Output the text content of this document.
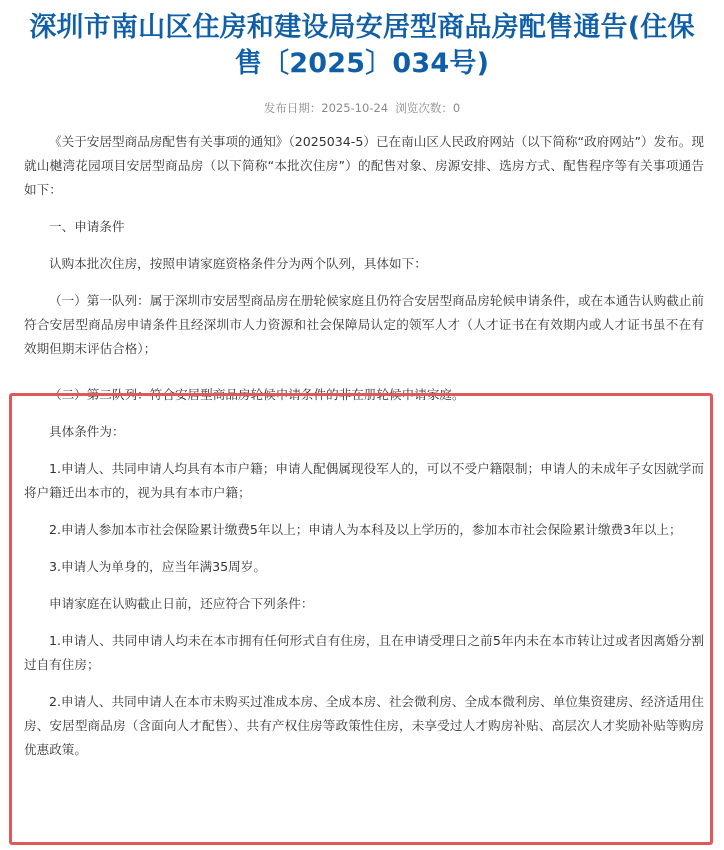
深圳市南山区住房和建设局安居型商品房配售通告(住保售〔2025〕034号)
发布日期：2025-10-24 浏览次数：0

《关于安居型商品房配售有关事项的通知》（2025034-5）已在南山区人民政府网站（以下简称“政府网站”）发布。现就山樾湾花园项目安居型商品房（以下简称“本批次住房”）的配售对象、房源安排、选房方式、配售程序等有关事项通告如下：

一、申请条件

认购本批次住房，按照申请家庭资格条件分为两个队列，具体如下：

（一）第一队列：属于深圳市安居型商品房在册轮候家庭且仍符合安居型商品房轮候申请条件，或在本通告认购截止前符合安居型商品房申请条件且经深圳市人力资源和社会保障局认定的领军人才（人才证书在有效期内或人才证书虽不在有效期但期末评估合格）；

（二）第二队列：符合安居型商品房轮候申请条件的非在册轮候申请家庭。

具体条件为：

1.申请人、共同申请人均具有本市户籍；申请人配偶属现役军人的，可以不受户籍限制；申请人的未成年子女因就学而将户籍迁出本市的，视为具有本市户籍；

2.申请人参加本市社会保险累计缴费5年以上；申请人为本科及以上学历的，参加本市社会保险累计缴费3年以上；

3.申请人为单身的，应当年满35周岁。

申请家庭在认购截止日前，还应符合下列条件：

1.申请人、共同申请人均未在本市拥有任何形式自有住房，且在申请受理日之前5年内未在本市转让过或者因离婚分割过自有住房；

2.申请人、共同申请人在本市未购买过准成本房、全成本房、社会微利房、全成本微利房、单位集资建房、经济适用住房、安居型商品房（含面向人才配售）、共有产权住房等政策性住房，未享受过人才购房补贴、高层次人才奖励补贴等购房优惠政策。
